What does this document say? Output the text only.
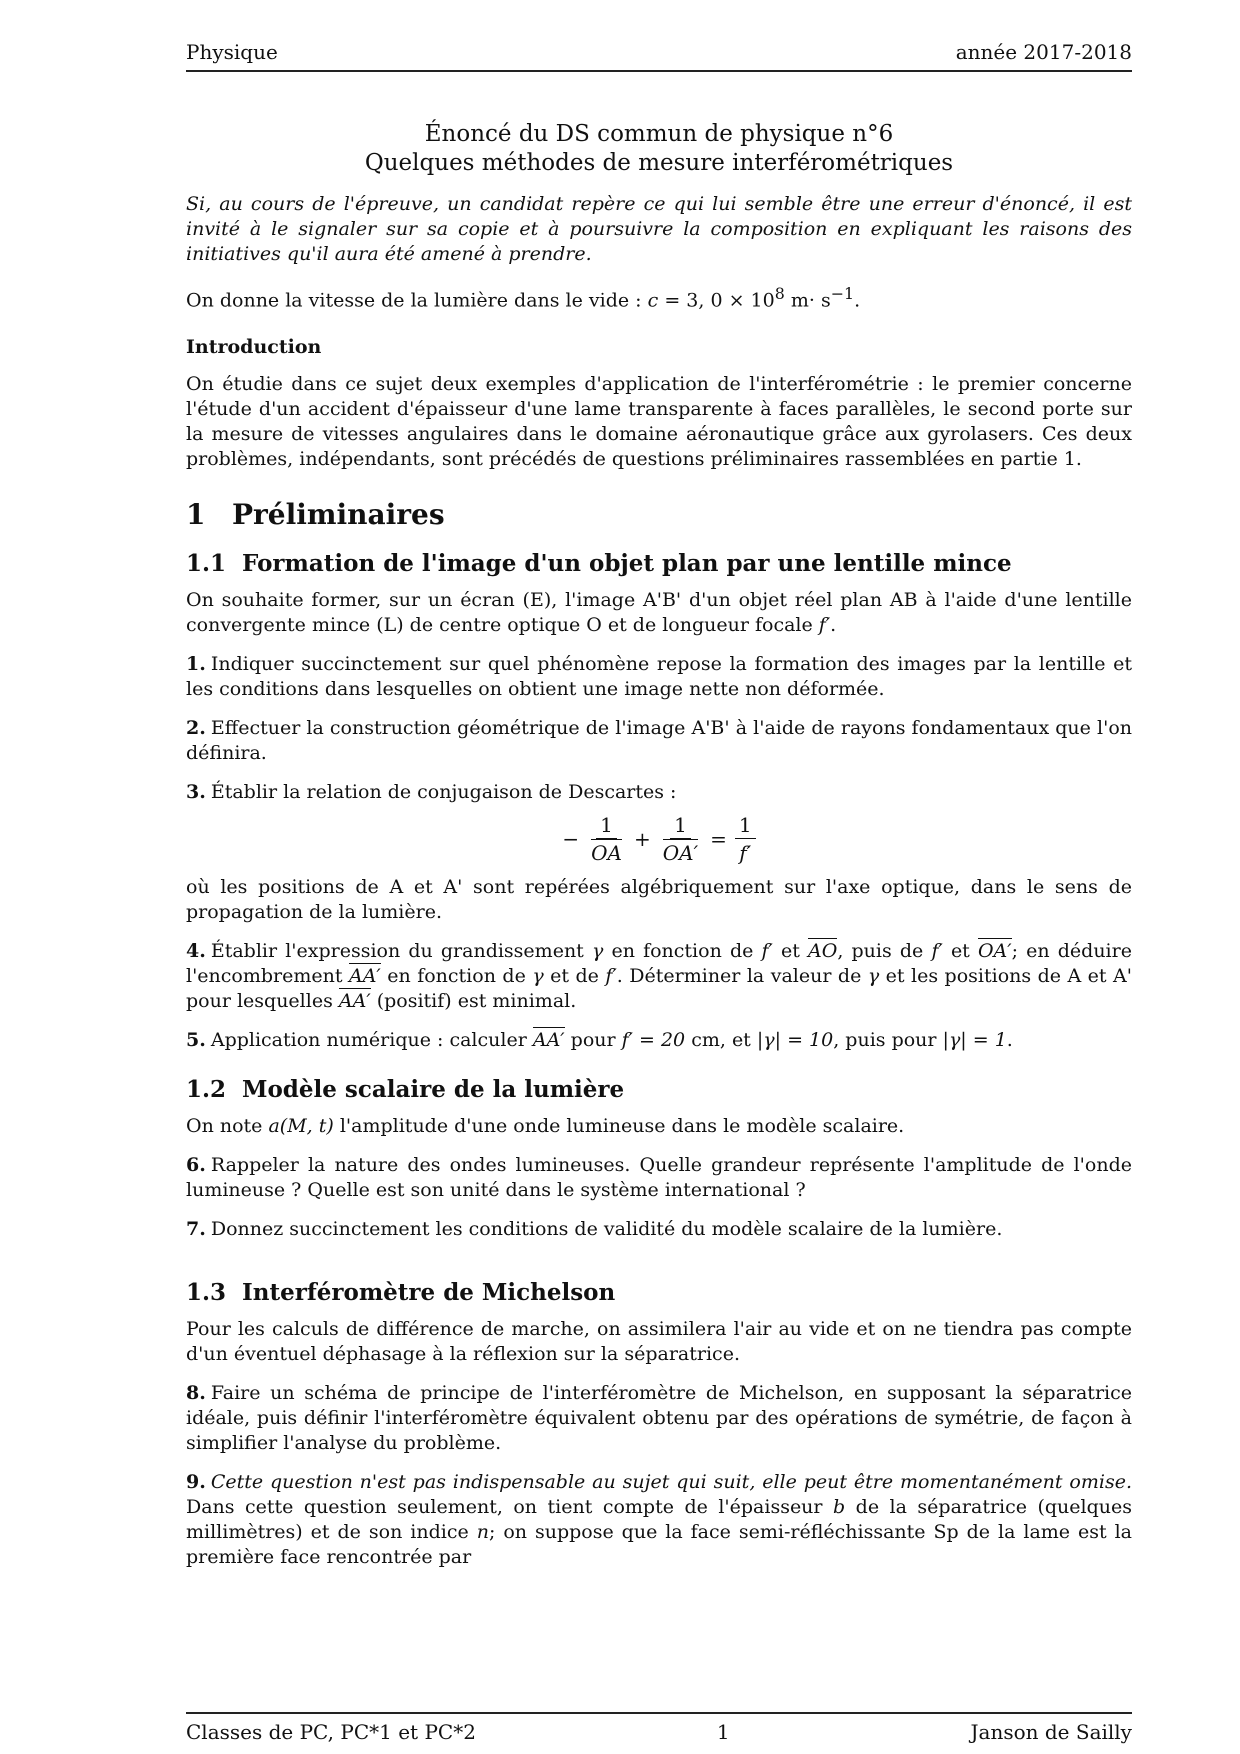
Physique	année 2017-2018
Énoncé du DS commun de physique n°6
Quelques méthodes de mesure interférométriques

Si, au cours de l'épreuve, un candidat repère ce qui lui semble être une erreur d'énoncé, il est invité à le signaler sur sa copie et à poursuivre la composition en expliquant les raisons des initiatives qu'il aura été amené à prendre.

On donne la vitesse de la lumière dans le vide : c = 3, $0 \times 10^8$ $m\cdot s^{-1}$.

Introduction

On étudie dans ce sujet deux exemples d'application de l'interférométrie : le premier concerne l'étude d'un accident d'épaisseur d'une lame transparente à faces parallèles, le second porte sur la mesure de vitesses angulaires dans le domaine aéronautique grâce aux gyrolasers. Ces deux problèmes, indépendants, sont précédés de questions préliminaires rassemblées en partie 1.

1 Préliminaires
1.1 Formation de l'image d'un objet plan par une lentille mince

On souhaite former, sur un écran (E), l'image A'B' d'un objet réel plan AB à l'aide d'une lentille convergente mince (L) de centre optique O et de longueur focale f′.

1. Indiquer succinctement sur quel phénomène repose la formation des images par la lentille et les conditions dans lesquelles on obtient une image nette non déformée.

2. Effectuer la construction géométrique de l'image A'B' à l'aide de rayons fondamentaux que l'on définira.

3. Établir la relation de conjugaison de Descartes :

− $\frac{1}{OA} + \frac{1}{OA'} = \frac{1}{f'}$

où les positions de A et A' sont repérées algébriquement sur l'axe optique, dans le sens de propagation de la lumière.

4. Établir l'expression du grandissement γ en fonction de f′ et AO, puis de f′ et OA′; en déduire l'encombrement AA′ en fonction de γ et de f′. Déterminer la valeur de γ et les positions de A et A' pour lesquelles AA′ (positif) est minimal.

5. Application numérique : calculer AA′ pour f′ = 20 cm, et |γ| = 10, puis pour |γ| = 1.

1.2 Modèle scalaire de la lumière

On note a(M, t) l'amplitude d'une onde lumineuse dans le modèle scalaire.

6. Rappeler la nature des ondes lumineuses. Quelle grandeur représente l'amplitude de l'onde lumineuse ? Quelle est son unité dans le système international ?

7. Donnez succinctement les conditions de validité du modèle scalaire de la lumière.

1.3 Interféromètre de Michelson

Pour les calculs de différence de marche, on assimilera l'air au vide et on ne tiendra pas compte d'un éventuel déphasage à la réflexion sur la séparatrice.

8. Faire un schéma de principe de l'interféromètre de Michelson, en supposant la séparatrice idéale, puis définir l'interféromètre équivalent obtenu par des opérations de symétrie, de façon à simplifier l'analyse du problème.

9. Cette question n'est pas indispensable au sujet qui suit, elle peut être momentanément omise. Dans cette question seulement, on tient compte de l'épaisseur b de la séparatrice (quelques millimètres) et de son indice n; on suppose que la face semi-réfléchissante Sp de la lame est la première face rencontrée par

Classes de PC, PC*1 et PC*2	1	Janson de Sailly
